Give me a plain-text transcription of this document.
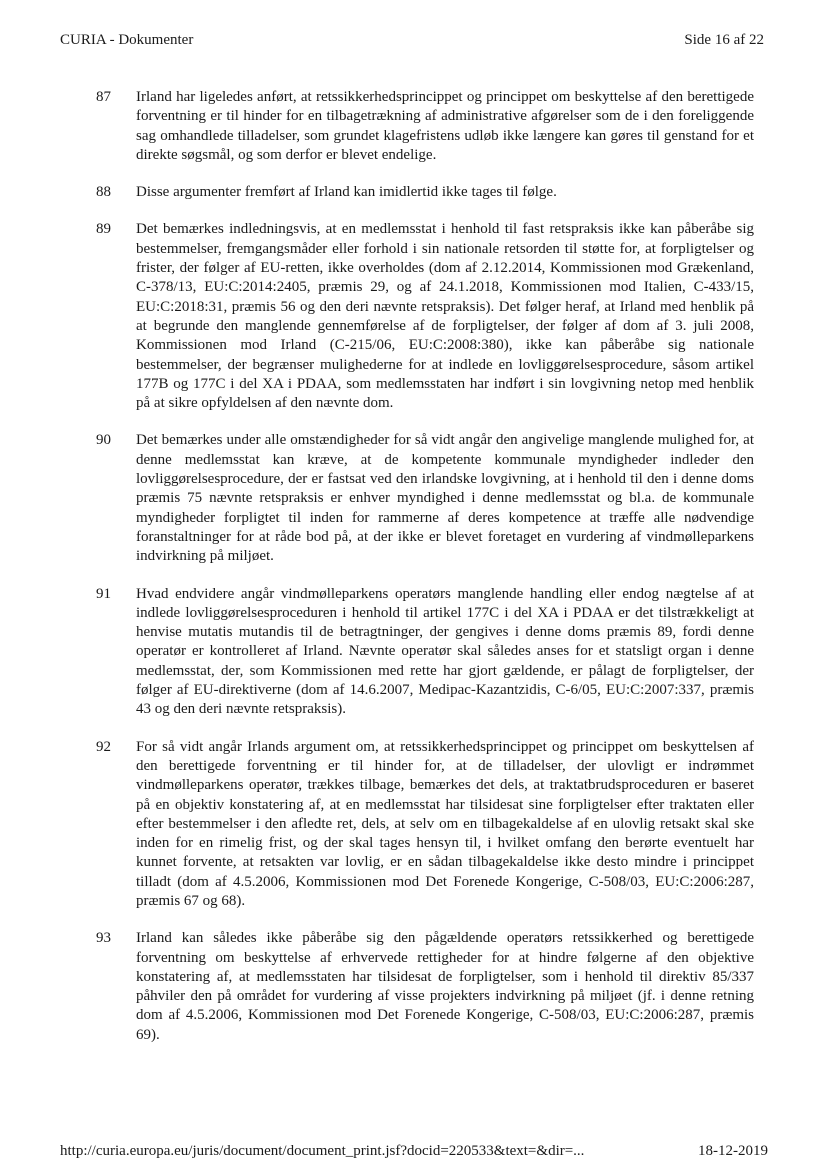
CURIA - Dokumenter	Side 16 af 22
87	Irland har ligeledes anført, at retssikkerhedsprincippet og princippet om beskyttelse af den berettigede forventning er til hinder for en tilbagetrækning af administrative afgørelser som de i den foreliggende sag omhandlede tilladelser, som grundet klagefristens udløb ikke længere kan gøres til genstand for et direkte søgsmål, og som derfor er blevet endelige.
88	Disse argumenter fremført af Irland kan imidlertid ikke tages til følge.
89	Det bemærkes indledningsvis, at en medlemsstat i henhold til fast retspraksis ikke kan påberåbe sig bestemmelser, fremgangsmåder eller forhold i sin nationale retsorden til støtte for, at forpligtelser og frister, der følger af EU-retten, ikke overholdes (dom af 2.12.2014, Kommissionen mod Grækenland, C-378/13, EU:C:2014:2405, præmis 29, og af 24.1.2018, Kommissionen mod Italien, C-433/15, EU:C:2018:31, præmis 56 og den deri nævnte retspraksis). Det følger heraf, at Irland med henblik på at begrunde den manglende gennemførelse af de forpligtelser, der følger af dom af 3. juli 2008, Kommissionen mod Irland (C-215/06, EU:C:2008:380), ikke kan påberåbe sig nationale bestemmelser, der begrænser mulighederne for at indlede en lovliggørelsesprocedure, såsom artikel 177B og 177C i del XA i PDAA, som medlemsstaten har indført i sin lovgivning netop med henblik på at sikre opfyldelsen af den nævnte dom.
90	Det bemærkes under alle omstændigheder for så vidt angår den angivelige manglende mulighed for, at denne medlemsstat kan kræve, at de kompetente kommunale myndigheder indleder den lovliggørelsesprocedure, der er fastsat ved den irlandske lovgivning, at i henhold til den i denne doms præmis 75 nævnte retspraksis er enhver myndighed i denne medlemsstat og bl.a. de kommunale myndigheder forpligtet til inden for rammerne af deres kompetence at træffe alle nødvendige foranstaltninger for at råde bod på, at der ikke er blevet foretaget en vurdering af vindmølleparkens indvirkning på miljøet.
91	Hvad endvidere angår vindmølleparkens operatørs manglende handling eller endog nægtelse af at indlede lovliggørelsesproceduren i henhold til artikel 177C i del XA i PDAA er det tilstrækkeligt at henvise mutatis mutandis til de betragtninger, der gengives i denne doms præmis 89, fordi denne operatør er kontrolleret af Irland. Nævnte operatør skal således anses for et statsligt organ i denne medlemsstat, der, som Kommissionen med rette har gjort gældende, er pålagt de forpligtelser, der følger af EU-direktiverne (dom af 14.6.2007, Medipac-Kazantzidis, C-6/05, EU:C:2007:337, præmis 43 og den deri nævnte retspraksis).
92	For så vidt angår Irlands argument om, at retssikkerhedsprincippet og princippet om beskyttelsen af den berettigede forventning er til hinder for, at de tilladelser, der ulovligt er indrømmet vindmølleparkens operatør, trækkes tilbage, bemærkes det dels, at traktatbrudsproceduren er baseret på en objektiv konstatering af, at en medlemsstat har tilsidesat sine forpligtelser efter traktaten eller efter bestemmelser i den afledte ret, dels, at selv om en tilbagekaldelse af en ulovlig retsakt skal ske inden for en rimelig frist, og der skal tages hensyn til, i hvilket omfang den berørte eventuelt har kunnet forvente, at retsakten var lovlig, er en sådan tilbagekaldelse ikke desto mindre i princippet tilladt (dom af 4.5.2006, Kommissionen mod Det Forenede Kongerige, C-508/03, EU:C:2006:287, præmis 67 og 68).
93	Irland kan således ikke påberåbe sig den pågældende operatørs retssikkerhed og berettigede forventning om beskyttelse af erhvervede rettigheder for at hindre følgerne af den objektive konstatering af, at medlemsstaten har tilsidesat de forpligtelser, som i henhold til direktiv 85/337 påhviler den på området for vurdering af visse projekters indvirkning på miljøet (jf. i denne retning dom af 4.5.2006, Kommissionen mod Det Forenede Kongerige, C-508/03, EU:C:2006:287, præmis 69).
http://curia.europa.eu/juris/document/document_print.jsf?docid=220533&text=&dir=...	18-12-2019
